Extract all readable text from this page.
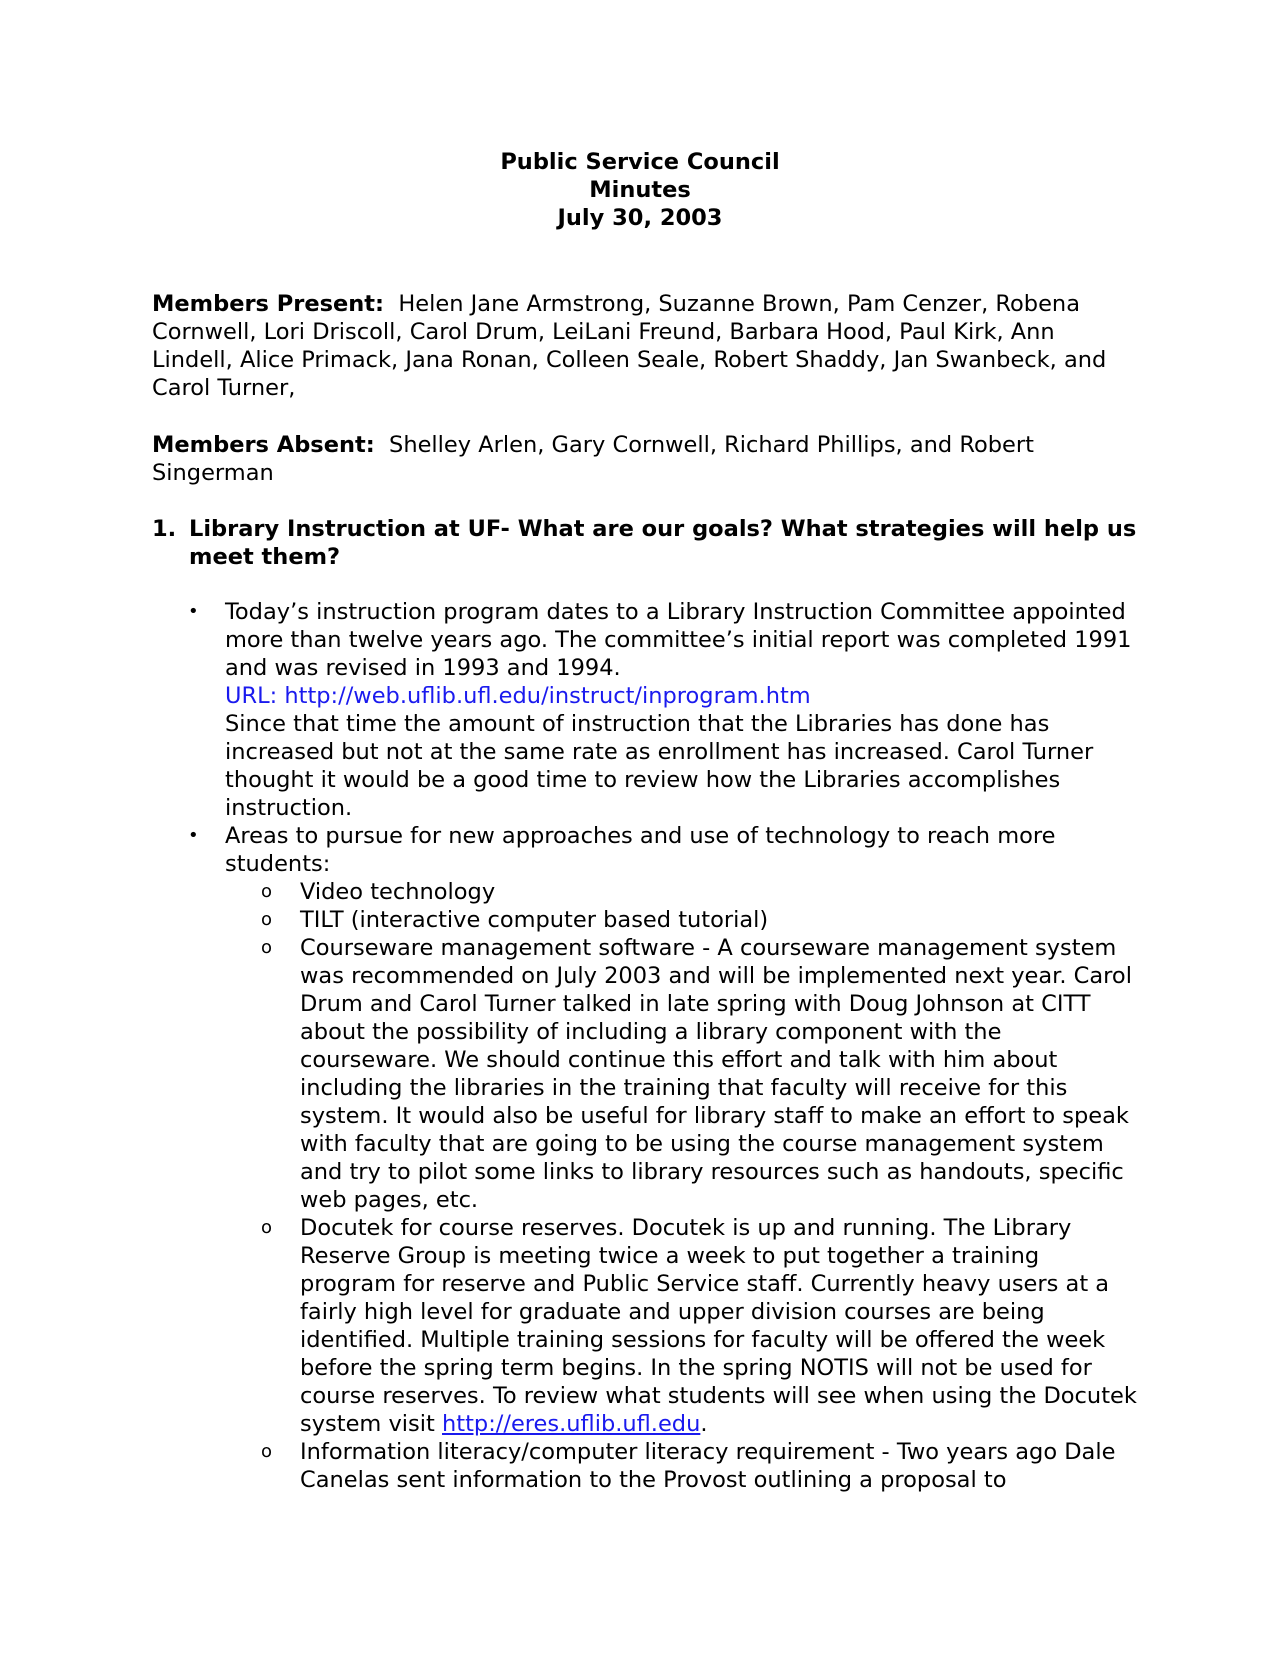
Public Service Council
Minutes
July 30, 2003
Members Present: Helen Jane Armstrong, Suzanne Brown, Pam Cenzer, Robena Cornwell, Lori Driscoll, Carol Drum, LeiLani Freund, Barbara Hood, Paul Kirk, Ann Lindell, Alice Primack, Jana Ronan, Colleen Seale, Robert Shaddy, Jan Swanbeck, and Carol Turner,
Members Absent: Shelley Arlen, Gary Cornwell, Richard Phillips, and Robert Singerman
1. Library Instruction at UF- What are our goals? What strategies will help us meet them?
• Today’s instruction program dates to a Library Instruction Committee appointed more than twelve years ago. The committee’s initial report was completed 1991 and was revised in 1993 and 1994.
URL: http://web.uflib.ufl.edu/instruct/inprogram.htm
Since that time the amount of instruction that the Libraries has done has increased but not at the same rate as enrollment has increased. Carol Turner thought it would be a good time to review how the Libraries accomplishes instruction.
• Areas to pursue for new approaches and use of technology to reach more students:
o Video technology
o TILT (interactive computer based tutorial)
o Courseware management software - A courseware management system was recommended on July 2003 and will be implemented next year. Carol Drum and Carol Turner talked in late spring with Doug Johnson at CITT about the possibility of including a library component with the courseware. We should continue this effort and talk with him about including the libraries in the training that faculty will receive for this system. It would also be useful for library staff to make an effort to speak with faculty that are going to be using the course management system and try to pilot some links to library resources such as handouts, specific web pages, etc.
o Docutek for course reserves. Docutek is up and running. The Library Reserve Group is meeting twice a week to put together a training program for reserve and Public Service staff. Currently heavy users at a fairly high level for graduate and upper division courses are being identified. Multiple training sessions for faculty will be offered the week before the spring term begins. In the spring NOTIS will not be used for course reserves. To review what students will see when using the Docutek system visit http://eres.uflib.ufl.edu.
o Information literacy/computer literacy requirement - Two years ago Dale Canelas sent information to the Provost outlining a proposal to
